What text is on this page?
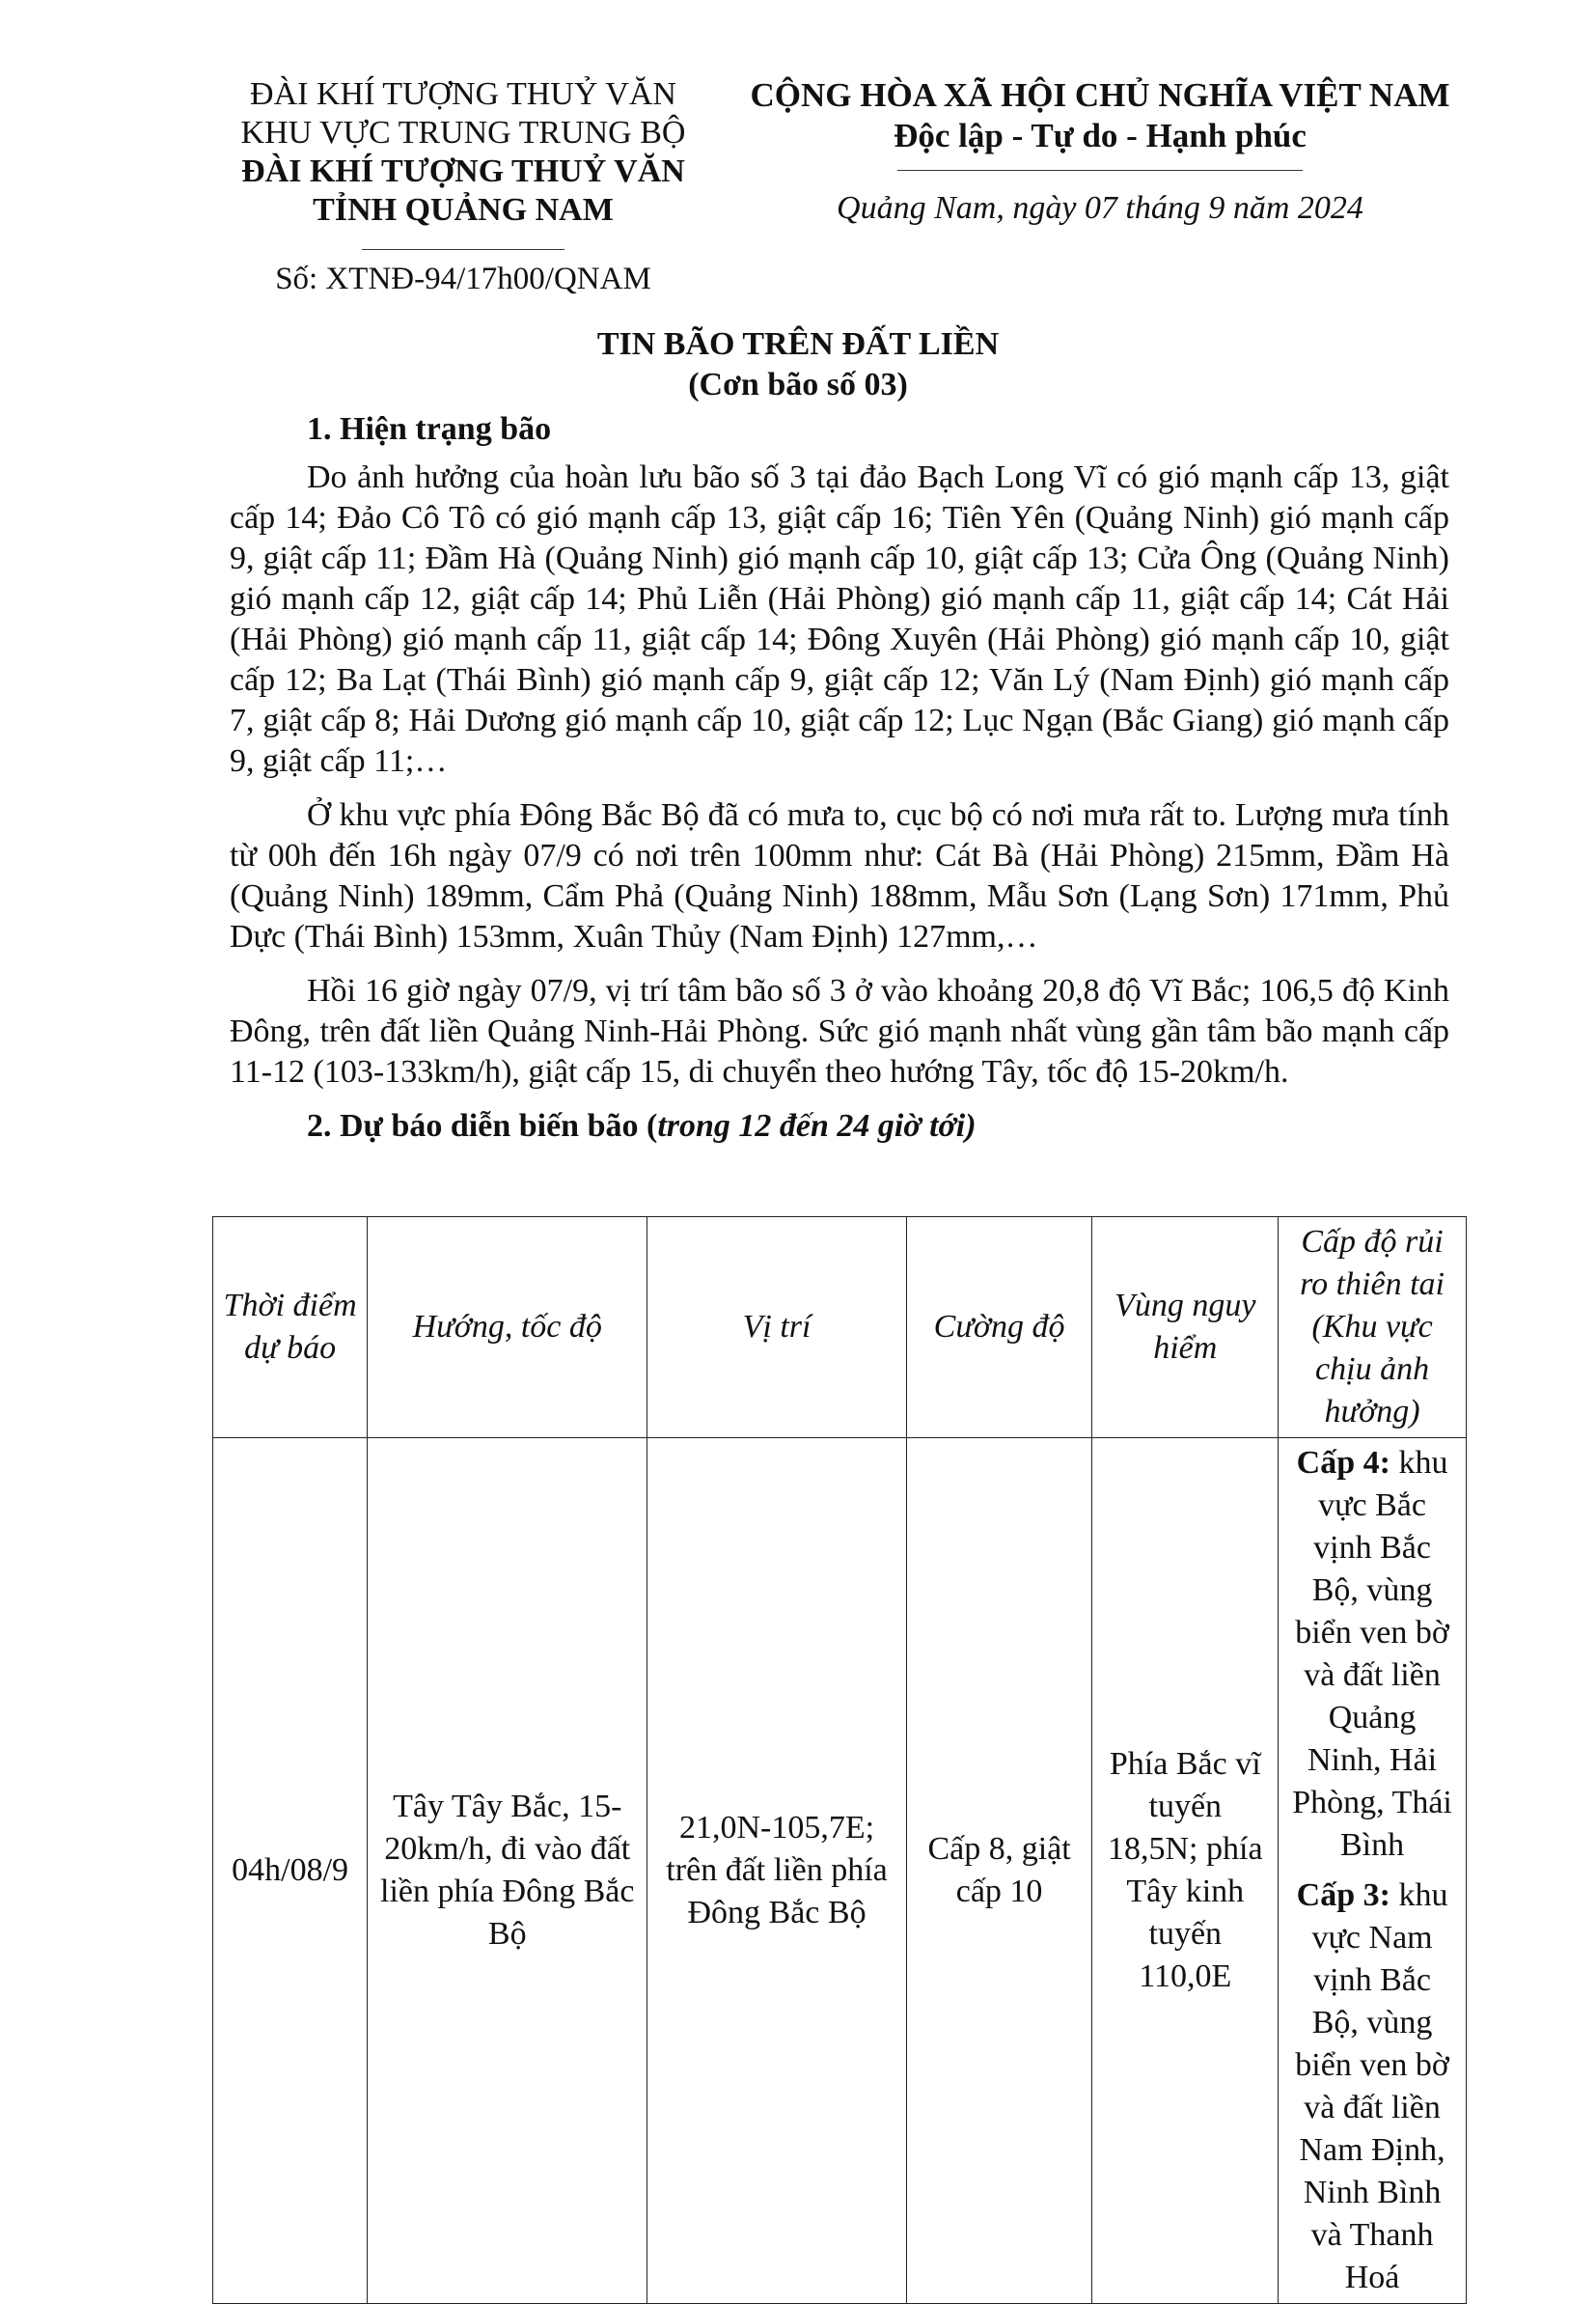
ĐÀI KHÍ TƯỢNG THUỶ VĂN
KHU VỰC TRUNG TRUNG BỘ
ĐÀI KHÍ TƯỢNG THUỶ VĂN
TỈNH QUẢNG NAM
Số: XTNĐ-94/17h00/QNAM
CỘNG HÒA XÃ HỘI CHỦ NGHĨA VIỆT NAM
Độc lập - Tự do - Hạnh phúc
Quảng Nam, ngày 07 tháng 9 năm 2024
TIN BÃO TRÊN ĐẤT LIỀN
(Cơn bão số 03)
1. Hiện trạng bão

Do ảnh hưởng của hoàn lưu bão số 3 tại đảo Bạch Long Vĩ có gió mạnh cấp 13, giật cấp 14; Đảo Cô Tô có gió mạnh cấp 13, giật cấp 16; Tiên Yên (Quảng Ninh) gió mạnh cấp 9, giật cấp 11; Đầm Hà (Quảng Ninh) gió mạnh cấp 10, giật cấp 13; Cửa Ông (Quảng Ninh) gió mạnh cấp 12, giật cấp 14; Phủ Liễn (Hải Phòng) gió mạnh cấp 11, giật cấp 14; Cát Hải (Hải Phòng) gió mạnh cấp 11, giật cấp 14; Đông Xuyên (Hải Phòng) gió mạnh cấp 10, giật cấp 12; Ba Lạt (Thái Bình) gió mạnh cấp 9, giật cấp 12; Văn Lý (Nam Định) gió mạnh cấp 7, giật cấp 8; Hải Dương gió mạnh cấp 10, giật cấp 12; Lục Ngạn (Bắc Giang) gió mạnh cấp 9, giật cấp 11;…

Ở khu vực phía Đông Bắc Bộ đã có mưa to, cục bộ có nơi mưa rất to. Lượng mưa tính từ 00h đến 16h ngày 07/9 có nơi trên 100mm như: Cát Bà (Hải Phòng) 215mm, Đầm Hà (Quảng Ninh) 189mm, Cẩm Phả (Quảng Ninh) 188mm, Mẫu Sơn (Lạng Sơn) 171mm, Phủ Dực (Thái Bình) 153mm, Xuân Thủy (Nam Định) 127mm,…

Hồi 16 giờ ngày 07/9, vị trí tâm bão số 3 ở vào khoảng 20,8 độ Vĩ Bắc; 106,5 độ Kinh Đông, trên đất liền Quảng Ninh-Hải Phòng. Sức gió mạnh nhất vùng gần tâm bão mạnh cấp 11-12 (103-133km/h), giật cấp 15, di chuyển theo hướng Tây, tốc độ 15-20km/h.

2. Dự báo diễn biến bão (trong 12 đến 24 giờ tới)
Thời điểm dự báo	Hướng, tốc độ	Vị trí	Cường độ	Vùng nguy hiểm	Cấp độ rủi ro thiên tai (Khu vực chịu ảnh hưởng)
04h/08/9	Tây Tây Bắc, 15-20km/h, đi vào đất liền phía Đông Bắc Bộ	21,0N-105,7E; trên đất liền phía Đông Bắc Bộ	Cấp 8, giật cấp 10	Phía Bắc vĩ tuyến 18,5N; phía Tây kinh tuyến 110,0E	Cấp 4: khu vực Bắc vịnh Bắc Bộ, vùng biển ven bờ và đất liền Quảng Ninh, Hải Phòng, Thái Bình
Cấp 3: khu vực Nam vịnh Bắc Bộ, vùng biển ven bờ và đất liền Nam Định, Ninh Bình và Thanh Hoá
